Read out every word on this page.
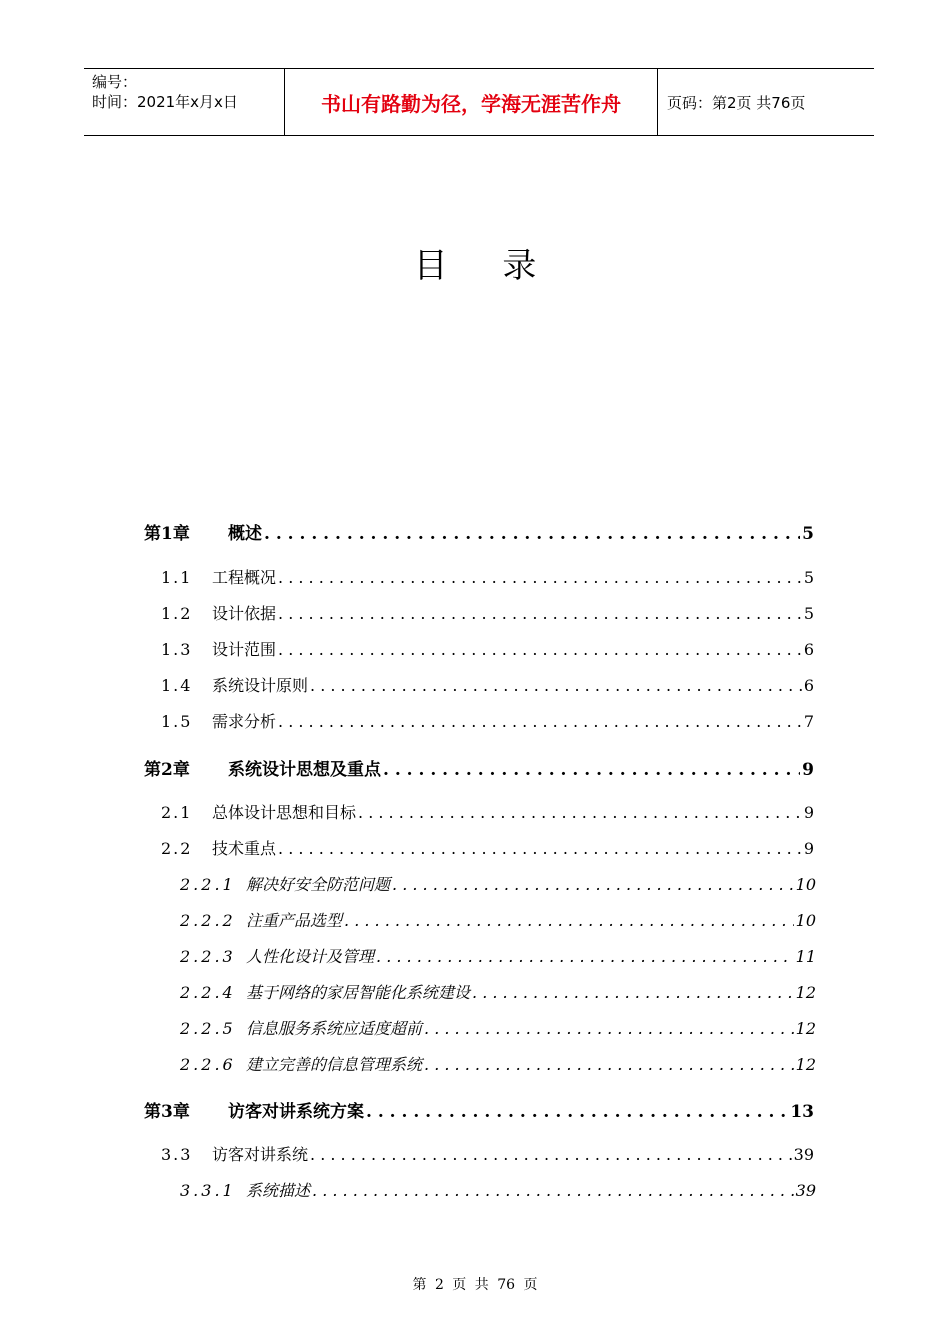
编号：
时间：2021年x月x日	书山有路勤为径，学海无涯苦作舟	页码：第2页 共76页
目 录
第1章	概述 . . .	5
1.1	工程概况 . . .	5
1.2	设计依据 . . .	5
1.3	设计范围 . . .	6
1.4	系统设计原则 . . .	6
1.5	需求分析 . . .	7
第2章	系统设计思想及重点 . . .	9
2.1	总体设计思想和目标 . . .	9
2.2	技术重点 . . .	9
2.2.1 解决好安全防范问题 . . .	10
2.2.2 注重产品选型 . . .	10
2.2.3 人性化设计及管理 . . .	11
2.2.4 基于网络的家居智能化系统建设 . . .	12
2.2.5 信息服务系统应适度超前 . . .	12
2.2.6 建立完善的信息管理系统 . . .	12
第3章	访客对讲系统方案 . . .	13
3.3	访客对讲系统 . . .	39
3.3.1 系统描述 . . .	39
第 2 页 共 76 页
